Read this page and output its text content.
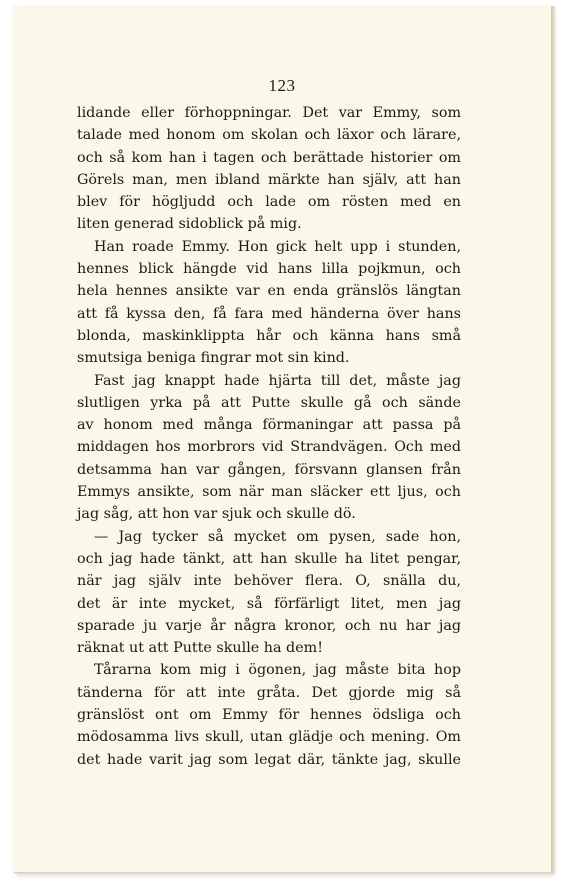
123
lidande eller förhoppningar. Det var Emmy, som
talade med honom om skolan och läxor och lärare,
och så kom han i tagen och berättade historier om
Görels man, men ibland märkte han själv, att han
blev för högljudd och lade om rösten med en
liten generad sidoblick på mig.
Han roade Emmy. Hon gick helt upp i stunden,
hennes blick hängde vid hans lilla pojkmun, och
hela hennes ansikte var en enda gränslös längtan
att få kyssa den, få fara med händerna över hans
blonda, maskinklippta hår och känna hans små
smutsiga beniga fingrar mot sin kind.
Fast jag knappt hade hjärta till det, måste jag
slutligen yrka på att Putte skulle gå och sände
av honom med många förmaningar att passa på
middagen hos morbrors vid Strandvägen. Och med
detsamma han var gången, försvann glansen från
Emmys ansikte, som när man släcker ett ljus, och
jag såg, att hon var sjuk och skulle dö.
— Jag tycker så mycket om pysen, sade hon,
och jag hade tänkt, att han skulle ha litet pengar,
när jag själv inte behöver flera. O, snälla du,
det är inte mycket, så förfärligt litet, men jag
sparade ju varje år några kronor, och nu har jag
räknat ut att Putte skulle ha dem!
Tårarna kom mig i ögonen, jag måste bita hop
tänderna för att inte gråta. Det gjorde mig så
gränslöst ont om Emmy för hennes ödsliga och
mödosamma livs skull, utan glädje och mening. Om
det hade varit jag som legat där, tänkte jag, skulle
